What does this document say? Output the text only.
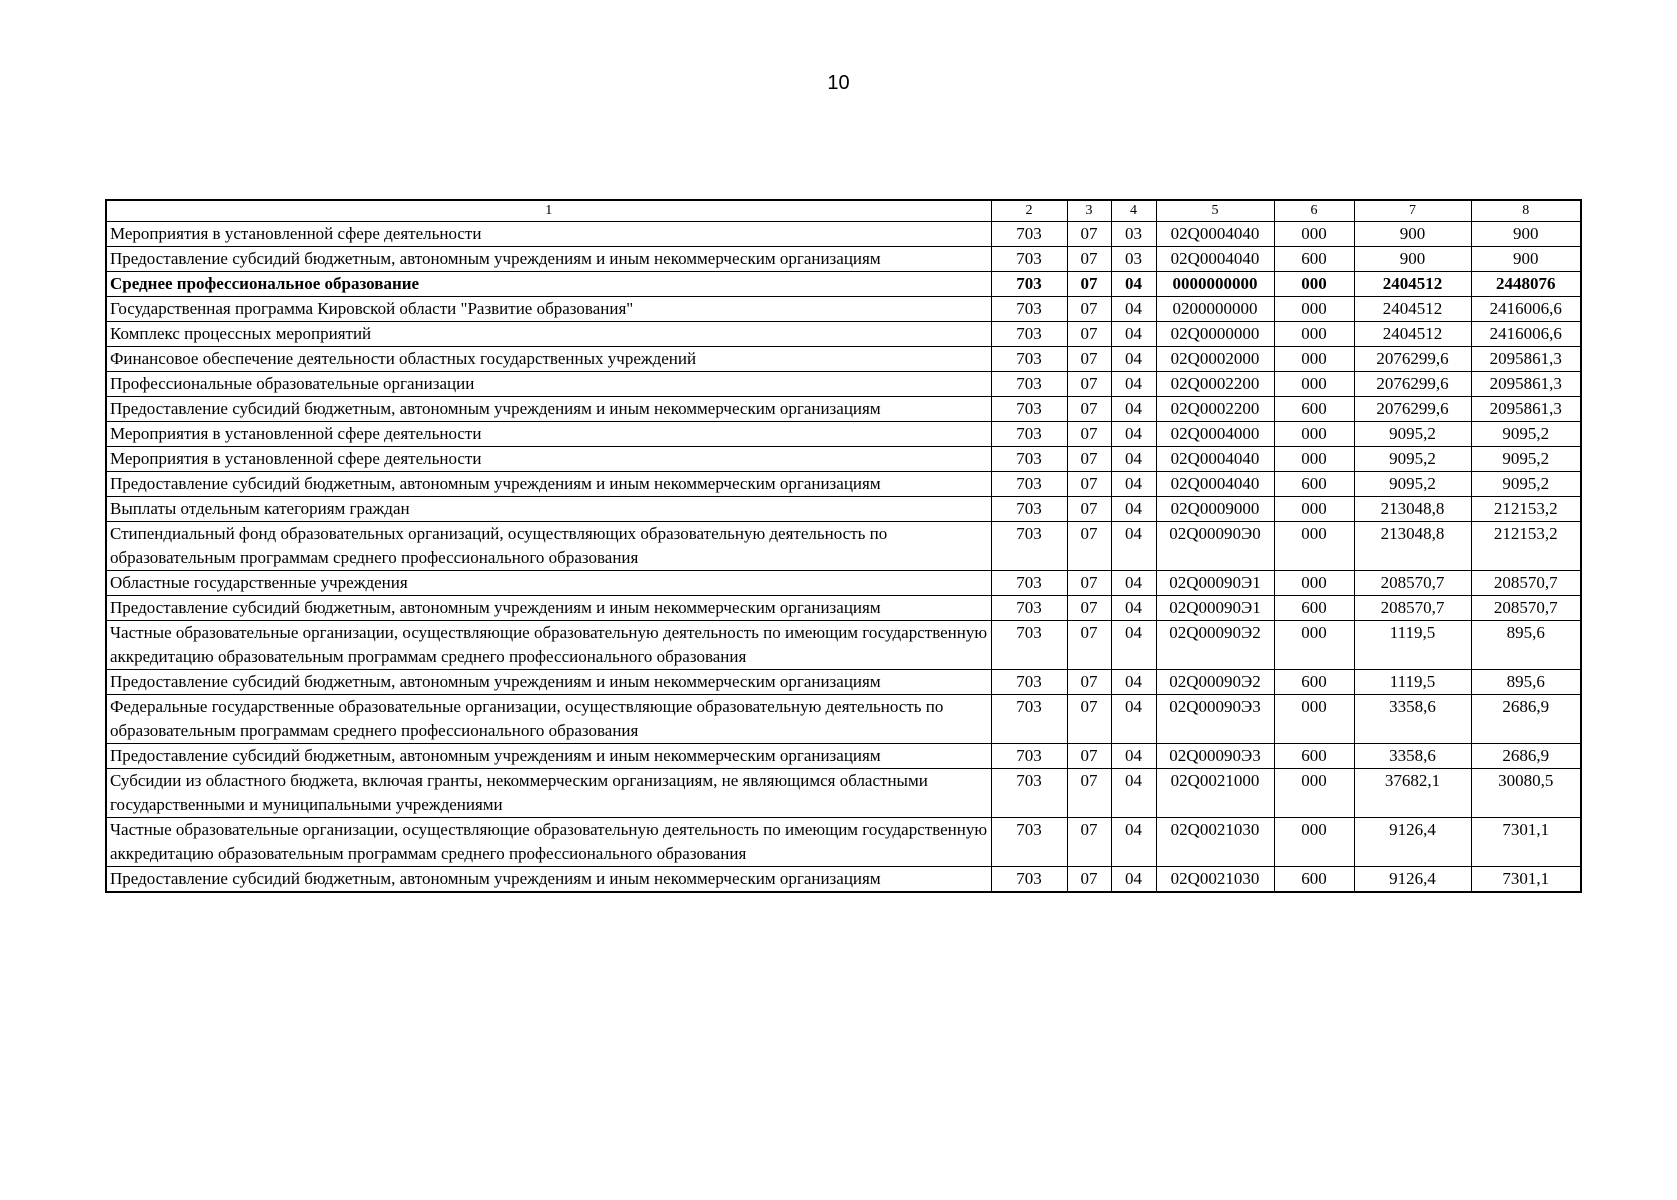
10
1	2	3	4	5	6	7	8
Мероприятия в установленной сфере деятельности	703	07	03	02Q0004040	000	900	900
Предоставление субсидий бюджетным, автономным учреждениям и иным некоммерческим организациям	703	07	03	02Q0004040	600	900	900
Среднее профессиональное образование	703	07	04	0000000000	000	2404512	2448076
Государственная программа Кировской области "Развитие образования"	703	07	04	0200000000	000	2404512	2416006,6
Комплекс процессных мероприятий	703	07	04	02Q0000000	000	2404512	2416006,6
Финансовое обеспечение деятельности областных государственных учреждений	703	07	04	02Q0002000	000	2076299,6	2095861,3
Профессиональные образовательные организации	703	07	04	02Q0002200	000	2076299,6	2095861,3
Предоставление субсидий бюджетным, автономным учреждениям и иным некоммерческим организациям	703	07	04	02Q0002200	600	2076299,6	2095861,3
Мероприятия в установленной сфере деятельности	703	07	04	02Q0004000	000	9095,2	9095,2
Мероприятия в установленной сфере деятельности	703	07	04	02Q0004040	000	9095,2	9095,2
Предоставление субсидий бюджетным, автономным учреждениям и иным некоммерческим организациям	703	07	04	02Q0004040	600	9095,2	9095,2
Выплаты отдельным категориям граждан	703	07	04	02Q0009000	000	213048,8	212153,2
Стипендиальный фонд образовательных организаций, осуществляющих образовательную деятельность по образовательным программам среднего профессионального образования	703	07	04	02Q00090Э0	000	213048,8	212153,2
Областные государственные учреждения	703	07	04	02Q00090Э1	000	208570,7	208570,7
Предоставление субсидий бюджетным, автономным учреждениям и иным некоммерческим организациям	703	07	04	02Q00090Э1	600	208570,7	208570,7
Частные образовательные организации, осуществляющие образовательную деятельность по имеющим государственную аккредитацию образовательным программам среднего профессионального образования	703	07	04	02Q00090Э2	000	1119,5	895,6
Предоставление субсидий бюджетным, автономным учреждениям и иным некоммерческим организациям	703	07	04	02Q00090Э2	600	1119,5	895,6
Федеральные государственные образовательные организации, осуществляющие образовательную деятельность по образовательным программам среднего профессионального образования	703	07	04	02Q00090Э3	000	3358,6	2686,9
Предоставление субсидий бюджетным, автономным учреждениям и иным некоммерческим организациям	703	07	04	02Q00090Э3	600	3358,6	2686,9
Субсидии из областного бюджета, включая гранты, некоммерческим организациям, не являющимся областными государственными и муниципальными учреждениями	703	07	04	02Q0021000	000	37682,1	30080,5
Частные образовательные организации, осуществляющие образовательную деятельность по имеющим государственную аккредитацию образовательным программам среднего профессионального образования	703	07	04	02Q0021030	000	9126,4	7301,1
Предоставление субсидий бюджетным, автономным учреждениям и иным некоммерческим организациям	703	07	04	02Q0021030	600	9126,4	7301,1
